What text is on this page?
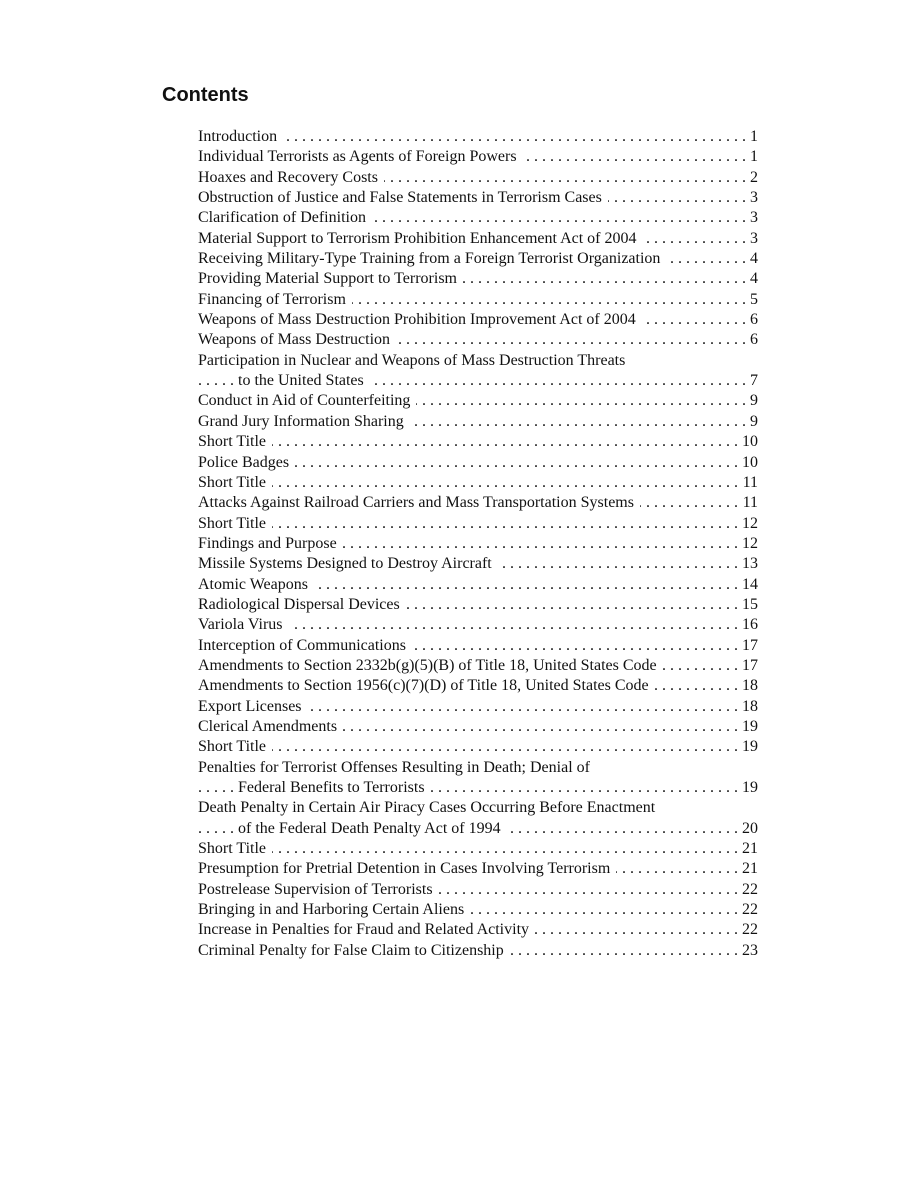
Contents
Introduction	1
. . .
Individual Terrorists as Agents of Foreign Powers	1
. . .
Hoaxes and Recovery Costs	2
. . .
Obstruction of Justice and False Statements in Terrorism Cases	3
. . .
Clarification of Definition	3
. . .
Material Support to Terrorism Prohibition Enhancement Act of 2004	3
. . .
Receiving Military-Type Training from a Foreign Terrorist Organization	4
. . .
Providing Material Support to Terrorism	4
. . .
Financing of Terrorism	5
. . .
Weapons of Mass Destruction Prohibition Improvement Act of 2004	6
. . .
Weapons of Mass Destruction	6
. . .
Participation in Nuclear and Weapons of Mass Destruction Threats
to the United States	7
. . .
Conduct in Aid of Counterfeiting	9
. . .
Grand Jury Information Sharing	9
. . .
Short Title	10
. . .
Police Badges	10
. . .
Short Title	11
. . .
Attacks Against Railroad Carriers and Mass Transportation Systems	11
. . .
Short Title	12
. . .
Findings and Purpose	12
. . .
Missile Systems Designed to Destroy Aircraft	13
. . .
Atomic Weapons	14
. . .
Radiological Dispersal Devices	15
. . .
Variola Virus	16
. . .
Interception of Communications	17
. . .
Amendments to Section 2332b(g)(5)(B) of Title 18, United States Code	17
. . .
Amendments to Section 1956(c)(7)(D) of Title 18, United States Code	18
. . .
Export Licenses	18
. . .
Clerical Amendments	19
. . .
Short Title	19
. . .
Penalties for Terrorist Offenses Resulting in Death; Denial of
Federal Benefits to Terrorists	19
. . .
Death Penalty in Certain Air Piracy Cases Occurring Before Enactment
of the Federal Death Penalty Act of 1994	20
. . .
Short Title	21
. . .
Presumption for Pretrial Detention in Cases Involving Terrorism	21
. . .
Postrelease Supervision of Terrorists	22
. . .
Bringing in and Harboring Certain Aliens	22
. . .
Increase in Penalties for Fraud and Related Activity	22
. . .
Criminal Penalty for False Claim to Citizenship	23
. . .
